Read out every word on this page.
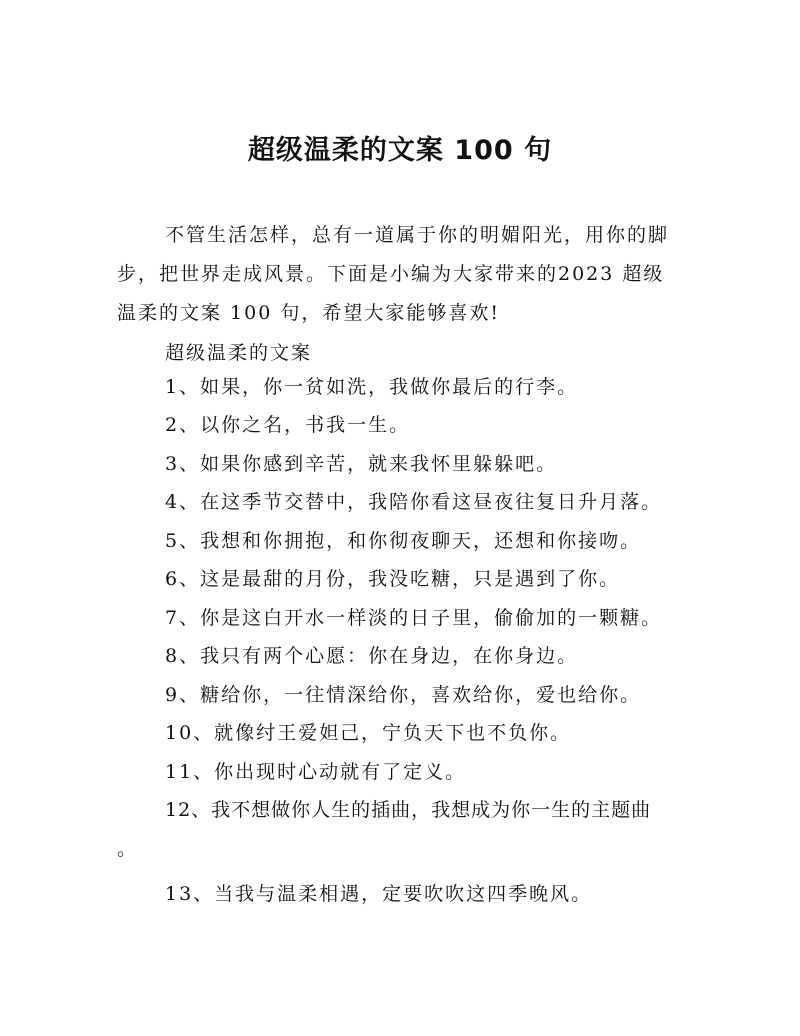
超级温柔的文案 100 句

不管生活怎样，总有一道属于你的明媚阳光，用你的脚步，把世界走成风景。下面是小编为大家带来的2023 超级温柔的文案 100 句，希望大家能够喜欢!

超级温柔的文案

1、如果，你一贫如洗，我做你最后的行李。
2、以你之名，书我一生。
3、如果你感到辛苦，就来我怀里躲躲吧。
4、在这季节交替中，我陪你看这昼夜往复日升月落。
5、我想和你拥抱，和你彻夜聊天，还想和你接吻。
6、这是最甜的月份，我没吃糖，只是遇到了你。
7、你是这白开水一样淡的日子里，偷偷加的一颗糖。
8、我只有两个心愿：你在身边，在你身边。
9、糖给你，一往情深给你，喜欢给你，爱也给你。
10、就像纣王爱妲己，宁负天下也不负你。
11、你出现时心动就有了定义。
12、我不想做你人生的插曲，我想成为你一生的主题曲
。
13、当我与温柔相遇，定要吹吹这四季晚风。
